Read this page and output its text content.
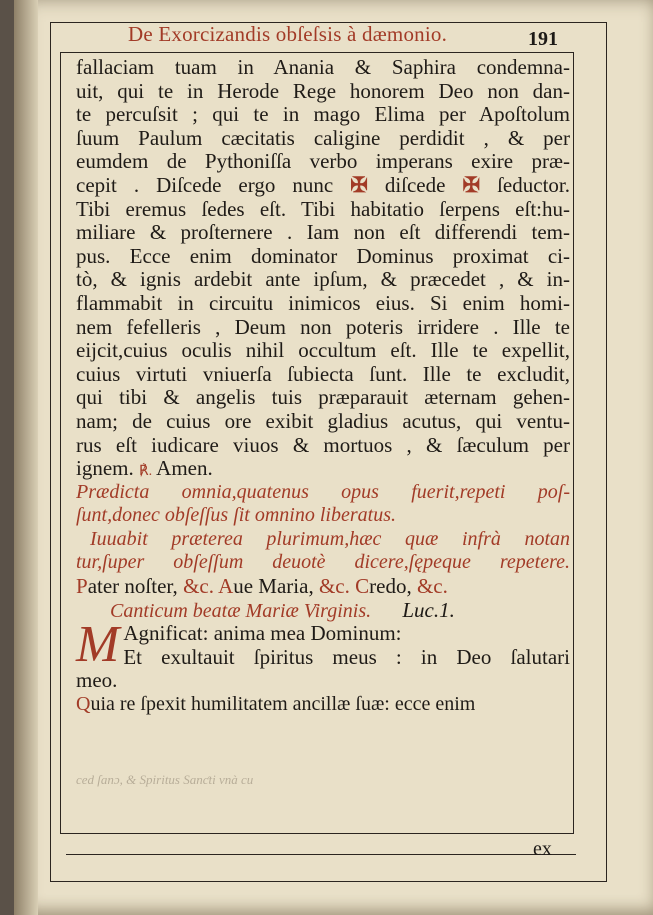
De Exorcizandis obſeſsis à dæmonio.	191
fallaciam tuam in Anania & Saphira condemna-
uit, qui te in Herode Rege honorem Deo non dan-
te percuſsit ; qui te in mago Elima per Apoſtolum
ſuum Paulum cæcitatis caligine perdidit , & per
eumdem de Pythoniſſa verbo imperans exire præ-
cepit . Diſcede ergo nunc ✠ diſcede ✠ ſeductor.
Tibi eremus ſedes eſt. Tibi habitatio ſerpens eſt:hu-
miliare & proſternere . Iam non eſt differendi tem-
pus. Ecce enim dominator Dominus proximat ci-
tò, & ignis ardebit ante ipſum, & præcedet , & in-
flammabit in circuitu inimicos eius. Si enim homi-
nem fefelleris , Deum non poteris irridere . Ille te
eijcit,cuius oculis nihil occultum eſt. Ille te expellit,
cuius virtuti vniuerſa ſubiecta ſunt. Ille te excludit,
qui tibi & angelis tuis præparauit æternam gehen-
nam; de cuius ore exibit gladius acutus, qui ventu-
rus eſt iudicare viuos & mortuos , & ſæculum per
ignem. ℟. Amen.
Prædicta omnia,quatenus opus fuerit,repeti poſ-
ſunt,donec obſeſſus ſit omnino liberatus.
Iuuabit præterea plurimum,hæc quæ infrà notan
tur,ſuper obſeſſum deuotè dicere,ſępeque repetere.
Pater noſter, &c. Aue Maria, &c. Credo, &c.
Canticum beatæ Mariæ Virginis. Luc.1.
M Agnificat: anima mea Dominum:
Et exultauit ſpiritus meus : in Deo ſalutari
meo.
Quia re ſpexit humilitatem ancillæ ſuæ: ecce enim
ced ſanɔ, & Spiritus Sanƈti vnà cu
ex
